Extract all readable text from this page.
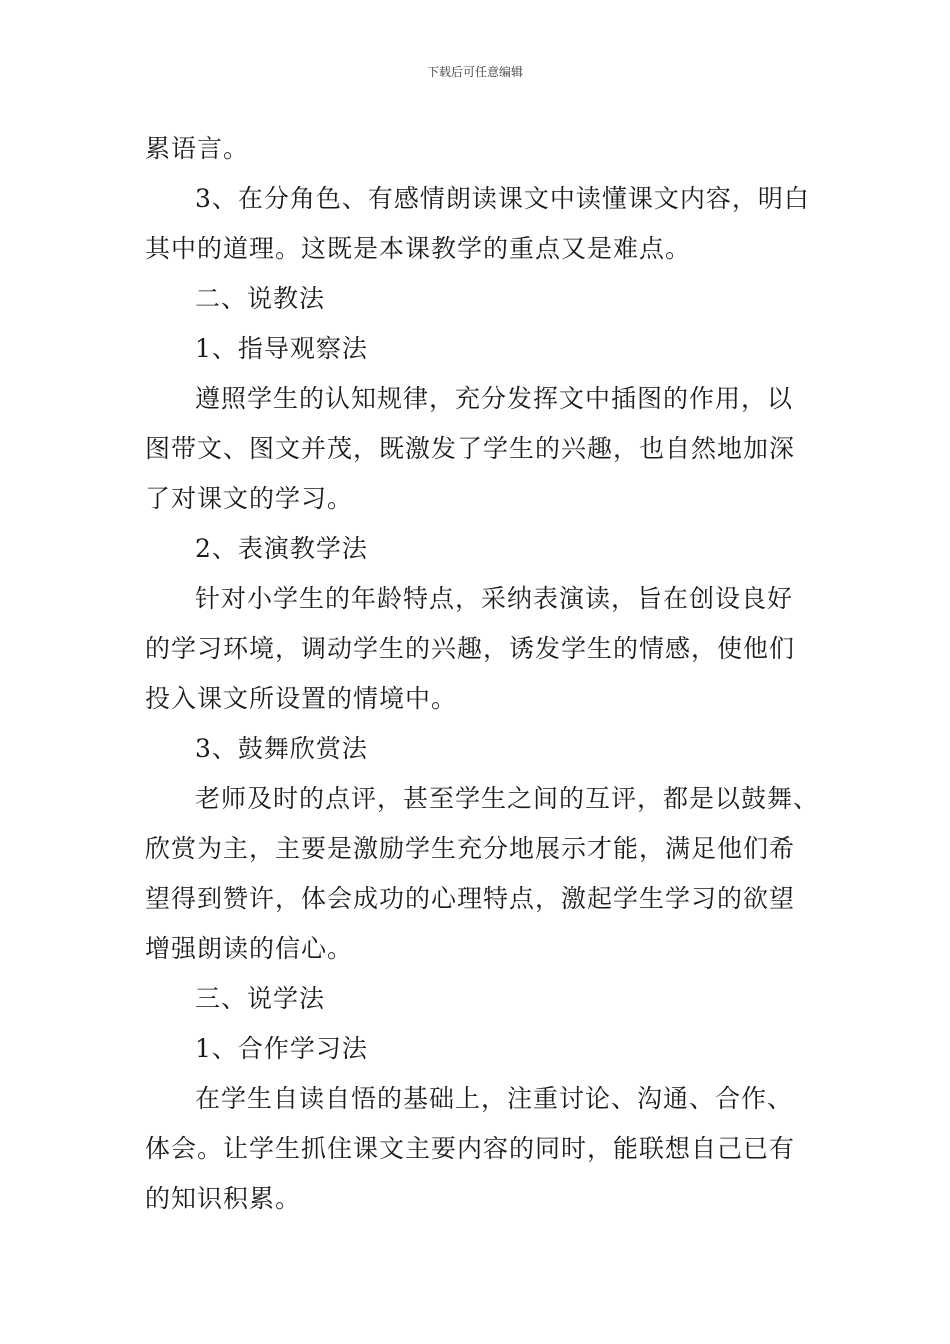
下载后可任意编辑
累语言。
3、在分角色、有感情朗读课文中读懂课文内容，明白
其中的道理。这既是本课教学的重点又是难点。
二、说教法
1、指导观察法
遵照学生的认知规律，充分发挥文中插图的作用，以
图带文、图文并茂，既激发了学生的兴趣，也自然地加深
了对课文的学习。
2、表演教学法
针对小学生的年龄特点，采纳表演读，旨在创设良好
的学习环境，调动学生的兴趣，诱发学生的情感，使他们
投入课文所设置的情境中。
3、鼓舞欣赏法
老师及时的点评，甚至学生之间的互评，都是以鼓舞、
欣赏为主，主要是激励学生充分地展示才能，满足他们希
望得到赞许，体会成功的心理特点，激起学生学习的欲望
增强朗读的信心。
三、说学法
1、合作学习法
在学生自读自悟的基础上，注重讨论、沟通、合作、
体会。让学生抓住课文主要内容的同时，能联想自己已有
的知识积累。
